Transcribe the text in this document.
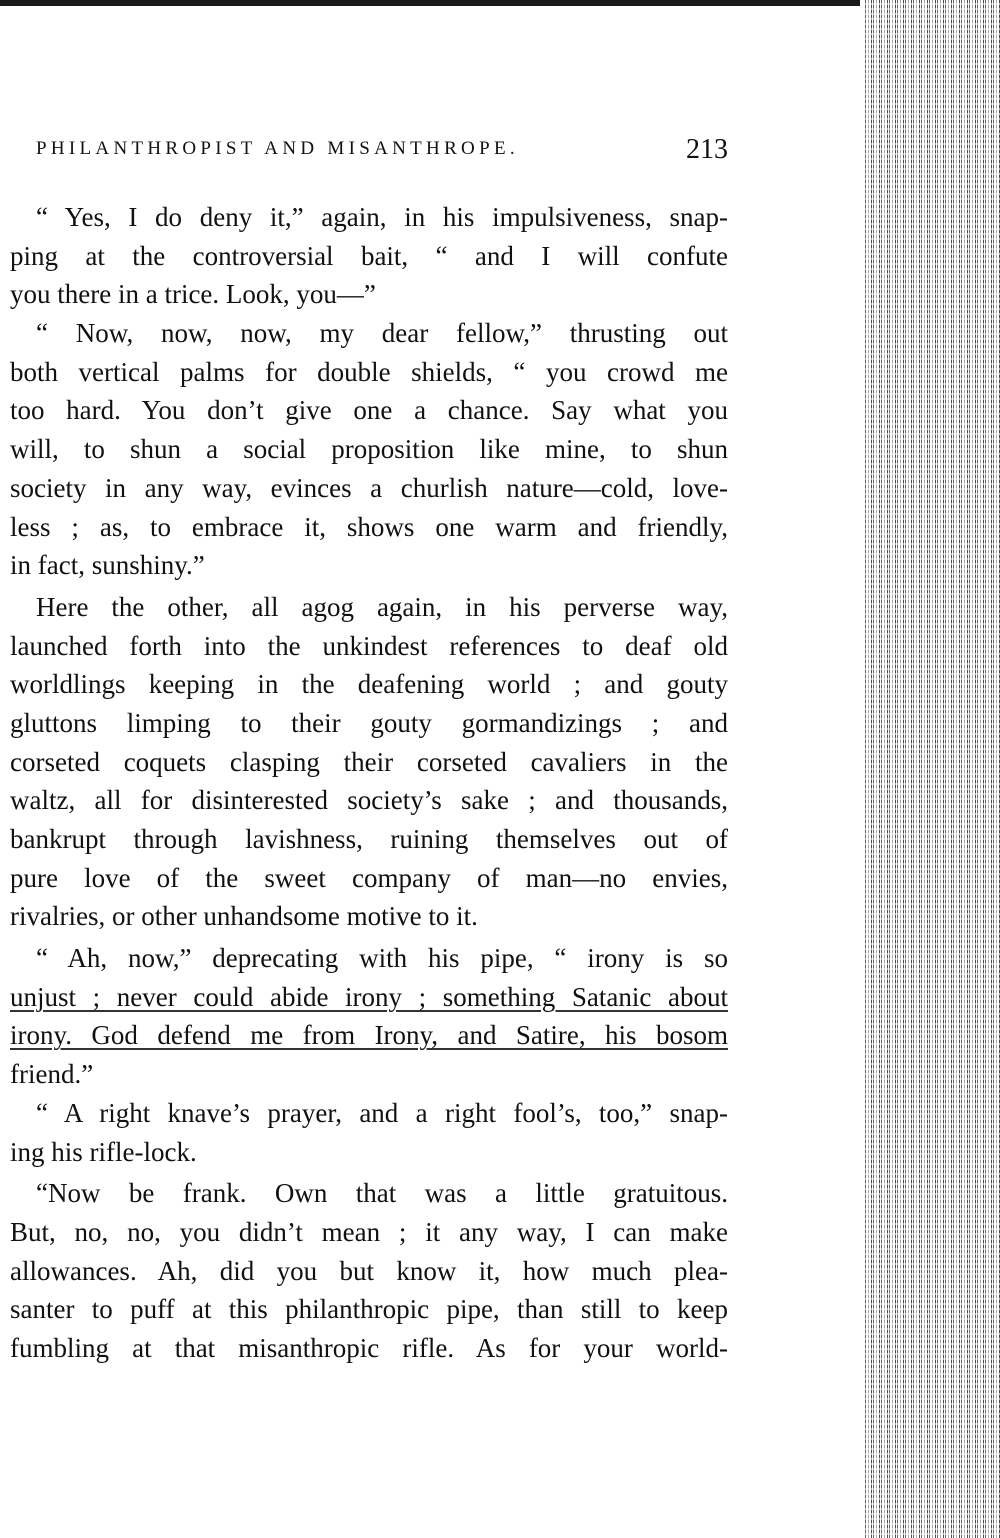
PHILANTHROPIST AND MISANTHROPE.	213
“ Yes, I do deny it,” again, in his impulsiveness, snap-
ping at the controversial bait, “ and I will confute
you there in a trice. Look, you—”
“ Now, now, now, my dear fellow,” thrusting out
both vertical palms for double shields, “ you crowd me
too hard. You don’t give one a chance. Say what you
will, to shun a social proposition like mine, to shun
society in any way, evinces a churlish nature—cold, love-
less ; as, to embrace it, shows one warm and friendly,
in fact, sunshiny.”
Here the other, all agog again, in his perverse way,
launched forth into the unkindest references to deaf old
worldlings keeping in the deafening world ; and gouty
gluttons limping to their gouty gormandizings ; and
corseted coquets clasping their corseted cavaliers in the
waltz, all for disinterested society’s sake ; and thousands,
bankrupt through lavishness, ruining themselves out of
pure love of the sweet company of man—no envies,
rivalries, or other unhandsome motive to it.
“ Ah, now,” deprecating with his pipe, “ irony is so
unjust ; never could abide irony ; something Satanic about
irony. God defend me from Irony, and Satire, his bosom
friend.”
“ A right knave’s prayer, and a right fool’s, too,” snap-
ing his rifle-lock.
“Now be frank. Own that was a little gratuitous.
But, no, no, you didn’t mean ; it any way, I can make
allowances. Ah, did you but know it, how much plea-
santer to puff at this philanthropic pipe, than still to keep
fumbling at that misanthropic rifle. As for your world-
